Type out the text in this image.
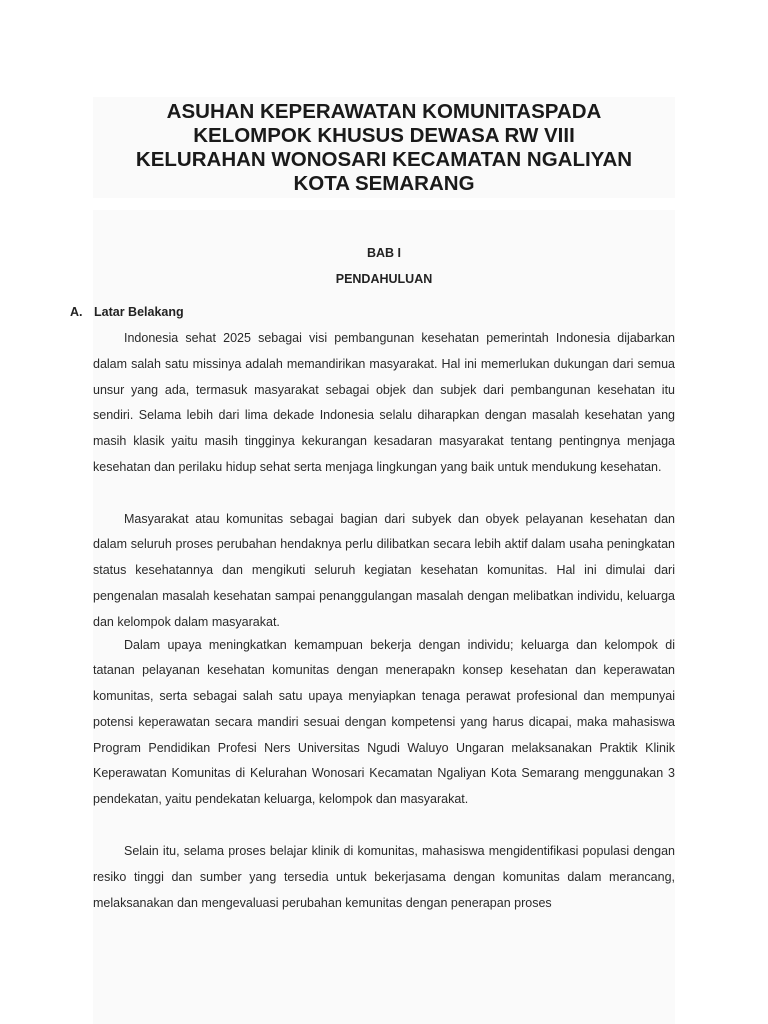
ASUHAN KEPERAWATAN KOMUNITASPADA
KELOMPOK KHUSUS DEWASA RW VIII
KELURAHAN WONOSARI KECAMATAN NGALIYAN
KOTA SEMARANG
BAB I
PENDAHULUAN
A. Latar Belakang

Indonesia sehat 2025 sebagai visi pembangunan kesehatan pemerintah Indonesia dijabarkan dalam salah satu missinya adalah memandirikan masyarakat. Hal ini memerlukan dukungan dari semua unsur yang ada, termasuk masyarakat sebagai objek dan subjek dari pembangunan kesehatan itu sendiri. Selama lebih dari lima dekade Indonesia selalu diharapkan dengan masalah kesehatan yang masih klasik yaitu masih tingginya kekurangan kesadaran masyarakat tentang pentingnya menjaga kesehatan dan perilaku hidup sehat serta menjaga lingkungan yang baik untuk mendukung kesehatan.

Masyarakat atau komunitas sebagai bagian dari subyek dan obyek pelayanan kesehatan dan dalam seluruh proses perubahan hendaknya perlu dilibatkan secara lebih aktif dalam usaha peningkatan status kesehatannya dan mengikuti seluruh kegiatan kesehatan komunitas. Hal ini dimulai dari pengenalan masalah kesehatan sampai penanggulangan masalah dengan melibatkan individu, keluarga dan kelompok dalam masyarakat.

Dalam upaya meningkatkan kemampuan bekerja dengan individu; keluarga dan kelompok di tatanan pelayanan kesehatan komunitas dengan menerapakn konsep kesehatan dan keperawatan komunitas, serta sebagai salah satu upaya menyiapkan tenaga perawat profesional dan mempunyai potensi keperawatan secara mandiri sesuai dengan kompetensi yang harus dicapai, maka mahasiswa Program Pendidikan Profesi Ners Universitas Ngudi Waluyo Ungaran melaksanakan Praktik Klinik Keperawatan Komunitas di Kelurahan Wonosari Kecamatan Ngaliyan Kota Semarang menggunakan 3 pendekatan, yaitu pendekatan keluarga, kelompok dan masyarakat.

Selain itu, selama proses belajar klinik di komunitas, mahasiswa mengidentifikasi populasi dengan resiko tinggi dan sumber yang tersedia untuk bekerjasama dengan komunitas dalam merancang, melaksanakan dan mengevaluasi perubahan kemunitas dengan penerapan proses
